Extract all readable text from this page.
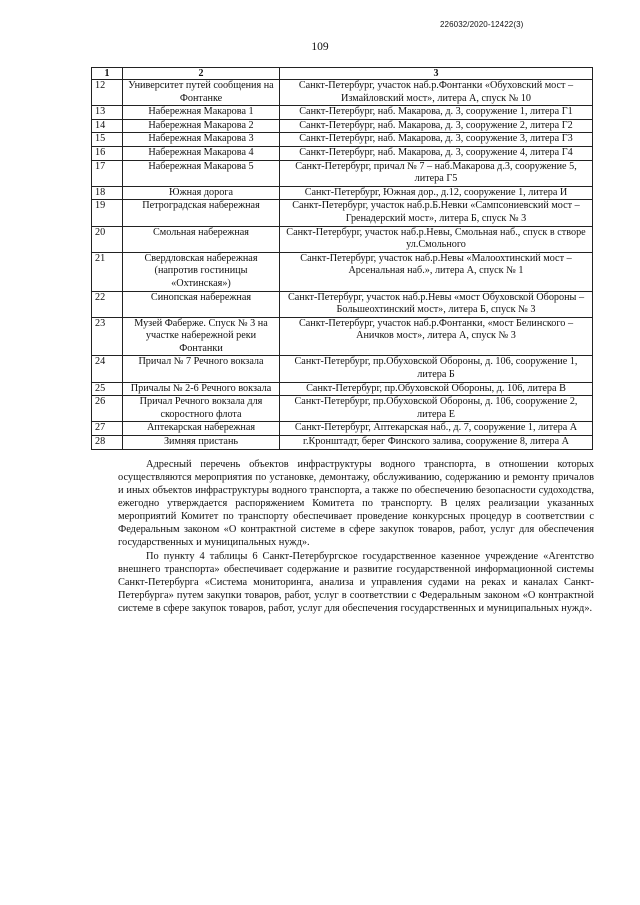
226032/2020-12422(3)
109
1	2	3
12	Университет путей сообщения на Фонтанке	Санкт-Петербург, участок наб.р.Фонтанки «Обуховский мост – Измайловский мост», литера А, спуск № 10
13	Набережная Макарова 1	Санкт-Петербург, наб. Макарова, д. 3, сооружение 1, литера Г1
14	Набережная Макарова 2	Санкт-Петербург, наб. Макарова, д. 3, сооружение 2, литера Г2
15	Набережная Макарова 3	Санкт-Петербург, наб. Макарова, д. 3, сооружение 3, литера Г3
16	Набережная Макарова 4	Санкт-Петербург, наб. Макарова, д. 3, сооружение 4, литера Г4
17	Набережная Макарова 5	Санкт-Петербург, причал № 7 – наб.Макарова д.3, сооружение 5, литера Г5
18	Южная дорога	Санкт-Петербург, Южная дор., д.12, сооружение 1, литера И
19	Петроградская набережная	Санкт-Петербург, участок наб.р.Б.Невки «Сампсониевский мост – Гренадерский мост», литера Б, спуск № 3
20	Смольная набережная	Санкт-Петербург, участок наб.р.Невы, Смольная наб., спуск в створе ул.Смольного
21	Свердловская набережная (напротив гостиницы «Охтинская»)	Санкт-Петербург, участок наб.р.Невы «Малоохтинский мост – Арсенальная наб.», литера А, спуск № 1
22	Синопская набережная	Санкт-Петербург, участок наб.р.Невы «мост Обуховской Обороны – Большеохтинский мост», литера Б, спуск № 3
23	Музей Фаберже. Спуск № 3 на участке набережной реки Фонтанки	Санкт-Петербург, участок наб.р.Фонтанки, «мост Белинского – Аничков мост», литера А, спуск № 3
24	Причал № 7 Речного вокзала	Санкт-Петербург, пр.Обуховской Обороны, д. 106, сооружение 1, литера Б
25	Причалы № 2-6 Речного вокзала	Санкт-Петербург, пр.Обуховской Обороны, д. 106, литера В
26	Причал Речного вокзала для скоростного флота	Санкт-Петербург, пр.Обуховской Обороны, д. 106, сооружение 2, литера Е
27	Аптекарская набережная	Санкт-Петербург, Аптекарская наб., д. 7, сооружение 1, литера А
28	Зимняя пристань	г.Кронштадт, берег Финского залива, сооружение 8, литера А

Адресный перечень объектов инфраструктуры водного транспорта, в отношении которых осуществляются мероприятия по установке, демонтажу, обслуживанию, содержанию и ремонту причалов и иных объектов инфраструктуры водного транспорта, а также по обеспечению безопасности судоходства, ежегодно утверждается распоряжением Комитета по транспорту. В целях реализации указанных мероприятий Комитет по транспорту обеспечивает проведение конкурсных процедур в соответствии с Федеральным законом «О контрактной системе в сфере закупок товаров, работ, услуг для обеспечения государственных и муниципальных нужд».

По пункту 4 таблицы 6 Санкт-Петербургское государственное казенное учреждение «Агентство внешнего транспорта» обеспечивает содержание и развитие государственной информационной системы Санкт-Петербурга «Система мониторинга, анализа и управления судами на реках и каналах Санкт-Петербурга» путем закупки товаров, работ, услуг в соответствии с Федеральным законом «О контрактной системе в сфере закупок товаров, работ, услуг для обеспечения государственных и муниципальных нужд».
